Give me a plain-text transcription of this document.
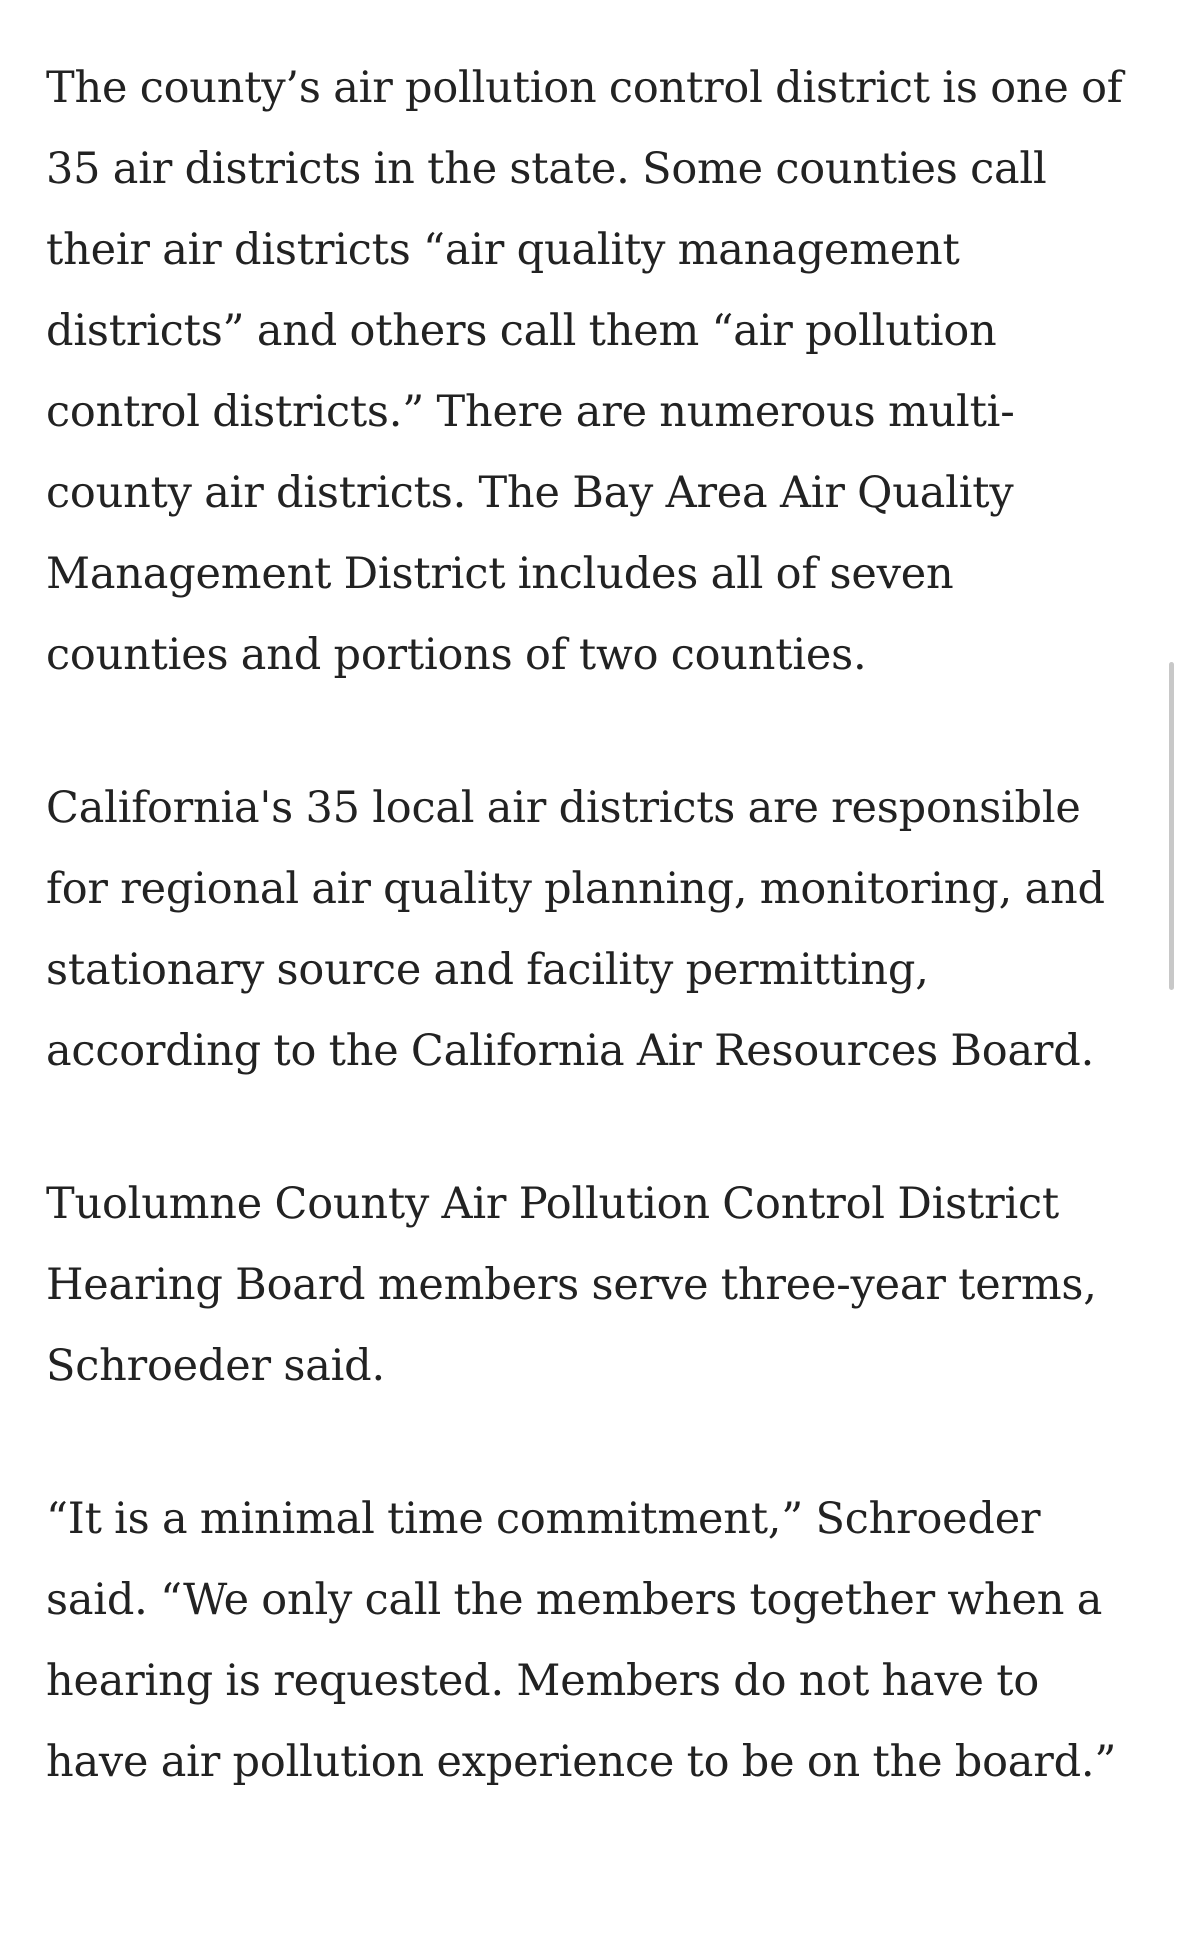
The county’s air pollution control district is one of 35 air districts in the state. Some counties call their air districts “air quality management districts” and others call them “air pollution control districts.” There are numerous multi-county air districts. The Bay Area Air Quality Management District includes all of seven counties and portions of two counties.

California's 35 local air districts are responsible for regional air quality planning, monitoring, and stationary source and facility permitting, according to the California Air Resources Board.

Tuolumne County Air Pollution Control District Hearing Board members serve three-year terms, Schroeder said.

“It is a minimal time commitment,” Schroeder said. “We only call the members together when a hearing is requested. Members do not have to have air pollution experience to be on the board.”
